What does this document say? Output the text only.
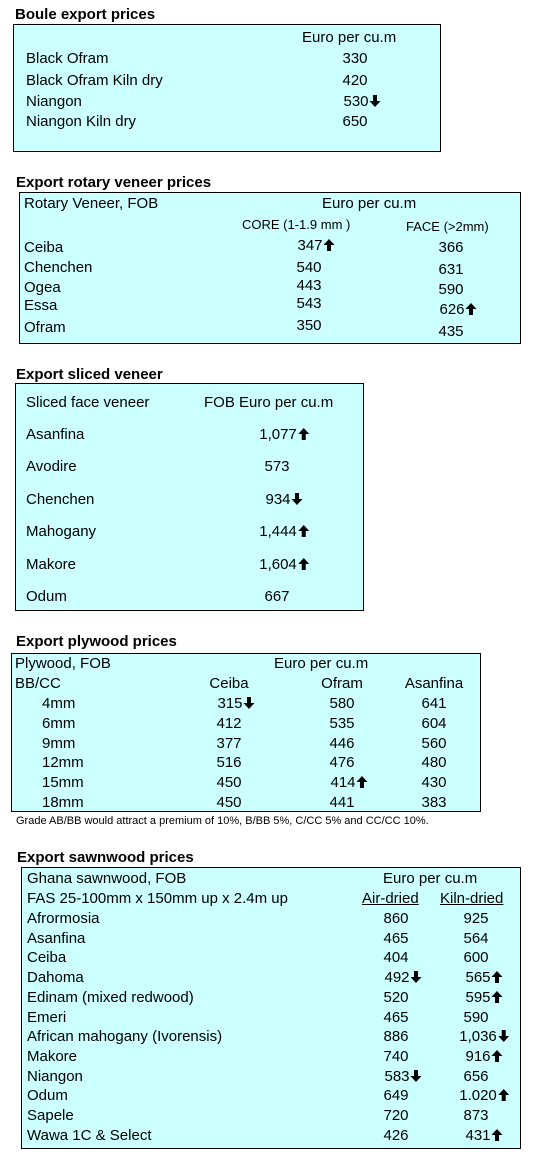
Boule export prices
Euro per cu.m
Black Ofram	330
Black Ofram Kiln dry	420
Niangon	530
Niangon Kiln dry	650
Export rotary veneer prices
Rotary Veneer, FOB	Euro per cu.m
CORE (1-1.9 mm )	FACE (>2mm)
Ceiba	347	366
Chenchen	540	631
Ogea	443	590
Essa	543	626
Ofram	350	435
Export sliced veneer
Sliced face veneer	FOB Euro per cu.m
Asanfina	1,077
Avodire	573
Chenchen	934
Mahogany	1,444
Makore	1,604
Odum	667
Export plywood prices
Plywood, FOB	Euro per cu.m
BB/CC	Ceiba	Ofram	Asanfina
4mm	315	580	641
6mm	412	535	604
9mm	377	446	560
12mm	516	476	480
15mm	450	414	430
18mm	450	441	383
Grade AB/BB would attract a premium of 10%, B/BB 5%, C/CC 5% and CC/CC 10%.
Export sawnwood prices
Ghana sawnwood, FOB	Euro per cu.m
FAS 25-100mm x 150mm up x 2.4m up	Air-dried Kiln-dried
Afrormosia	860	925
Asanfina	465	564
Ceiba	404	600
Dahoma	492	565
Edinam (mixed redwood)	520	595
Emeri	465	590
African mahogany (Ivorensis)	886	1,036
Makore	740	916
Niangon	583	656
Odum	649	1.020
Sapele	720	873
Wawa 1C & Select	426	431
